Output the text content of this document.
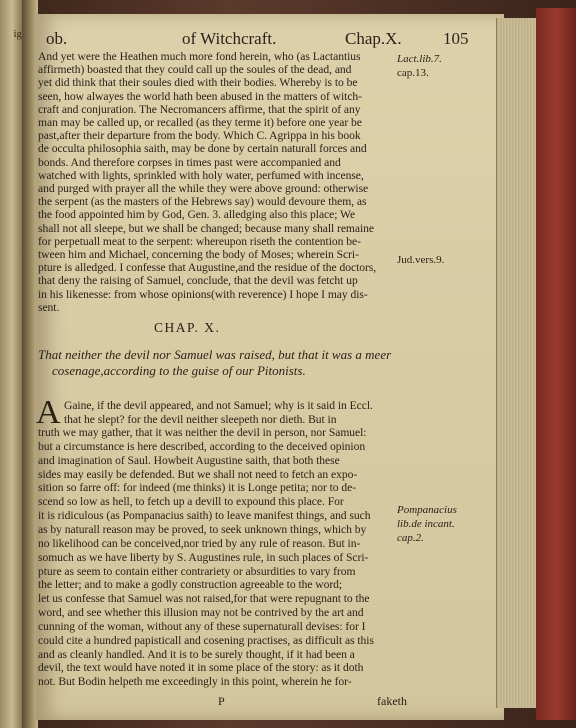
ig ob.	of Witchcraft.	Chap.X. 105
And yet were the Heathen much more fond herein, who (as Lactantius
affirmeth) boasted that they could call up the soules of the dead, and
yet did think that their soules died with their bodies. Whereby is to be
seen, how alwayes the world hath been abused in the matters of witch-
craft and conjuration. The Necromancers affirme, that the spirit of any
man may be called up, or recalled (as they terme it) before one year be
past,after their departure from the body. Which C. Agrippa in his book
de occulta philosophia saith, may be done by certain naturall forces and
bonds. And therefore corpses in times past were accompanied and
watched with lights, sprinkled with holy water, perfumed with incense,
and purged with prayer all the while they were above ground: otherwise
the serpent (as the masters of the Hebrews say) would devoure them, as
the food appointed him by God, Gen. 3. alledging also this place; We
shall not all sleepe, but we shall be changed; because many shall remaine
for perpetuall meat to the serpent: whereupon riseth the contention be-
tween him and Michael, concerning the body of Moses; wherein Scri-
pture is alledged. I confesse that Augustine,and the residue of the doctors,
that deny the raising of Samuel, conclude, that the devil was fetcht up
in his likenesse: from whose opinions(with reverence) I hope I may dis-
sent.
Lact.lib.7.
cap.13.
Jud.vers.9.
CHAP. X.
That neither the devil nor Samuel was raised, but that it was a meer
cosenage,according to the guise of our Pitonists.
A Gaine, if the devil appeared, and not Samuel; why is it said in Eccl.
that he slept? for the devil neither sleepeth nor dieth. But in
truth we may gather, that it was neither the devil in person, nor Samuel:
but a circumstance is here described, according to the deceived opinion
and imagination of Saul. Howbeit Augustine saith, that both these
sides may easily be defended. But we shall not need to fetch an expo-
sition so farre off: for indeed (me thinks) it is Longe petita; nor to de-
scend so low as hell, to fetch up a devill to expound this place. For
it is ridiculous (as Pompanacius saith) to leave manifest things, and such
as by naturall reason may be proved, to seek unknown things, which by
no likelihood can be conceived,nor tried by any rule of reason. But in-
somuch as we have liberty by S. Augustines rule, in such places of Scri-
pture as seem to contain either contrariety or absurdities to vary from
the letter; and to make a godly construction agreeable to the word;
let us confesse that Samuel was not raised,for that were repugnant to the
word, and see whether this illusion may not be contrived by the art and
cunning of the woman, without any of these supernaturall devises: for I
could cite a hundred papisticall and cosening practises, as difficult as this
and as cleanly handled. And it is to be surely thought, if it had been a
devil, the text would have noted it in some place of the story: as it doth
not. But Bodin helpeth me exceedingly in this point, wherein he for-
Pompanacius
lib.de incant.
cap.2.
P	faketh
